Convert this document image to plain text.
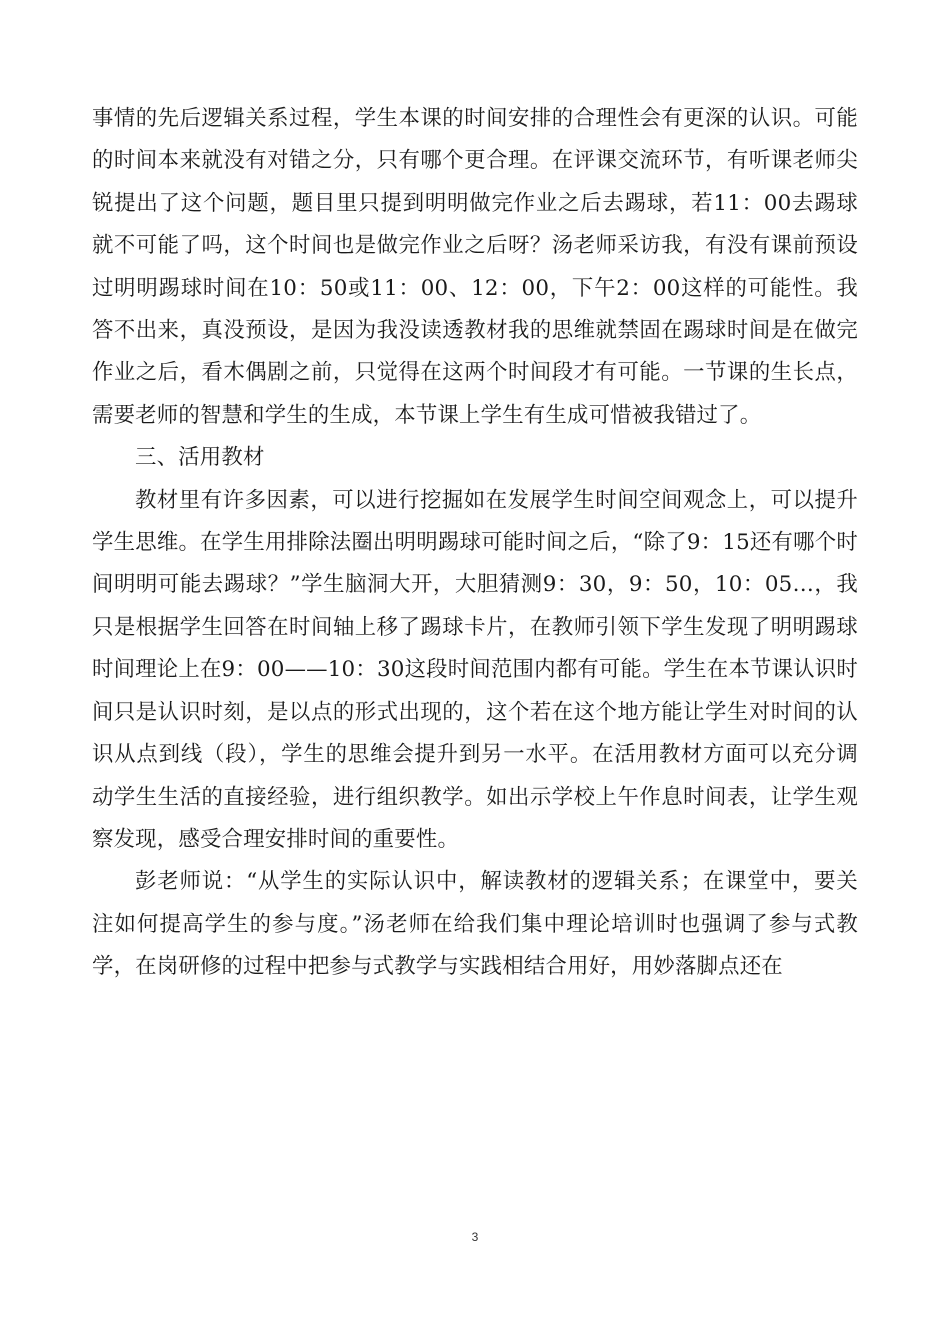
事情的先后逻辑关系过程，学生本课的时间安排的合理性会有更深的认识。可能的时间本来就没有对错之分，只有哪个更合理。在评课交流环节，有听课老师尖锐提出了这个问题，题目里只提到明明做完作业之后去踢球，若11：00去踢球就不可能了吗，这个时间也是做完作业之后呀？汤老师采访我，有没有课前预设过明明踢球时间在10：50或11：00、12：00，下午2：00这样的可能性。我答不出来，真没预设，是因为我没读透教材我的思维就禁固在踢球时间是在做完作业之后，看木偶剧之前，只觉得在这两个时间段才有可能。一节课的生长点，需要老师的智慧和学生的生成，本节课上学生有生成可惜被我错过了。

三、活用教材

教材里有许多因素，可以进行挖掘如在发展学生时间空间观念上，可以提升学生思维。在学生用排除法圈出明明踢球可能时间之后，“除了9：15还有哪个时间明明可能去踢球？”学生脑洞大开，大胆猜测9：30，9：50，10：05…，我只是根据学生回答在时间轴上移了踢球卡片，在教师引领下学生发现了明明踢球时间理论上在9：00——10：30这段时间范围内都有可能。学生在本节课认识时间只是认识时刻，是以点的形式出现的，这个若在这个地方能让学生对时间的认识从点到线（段），学生的思维会提升到另一水平。在活用教材方面可以充分调动学生生活的直接经验，进行组织教学。如出示学校上午作息时间表，让学生观察发现，感受合理安排时间的重要性。

彭老师说：“从学生的实际认识中，解读教材的逻辑关系；在课堂中，要关注如何提高学生的参与度。”汤老师在给我们集中理论培训时也强调了参与式教学，在岗研修的过程中把参与式教学与实践相结合用好，用妙落脚点还在

3
